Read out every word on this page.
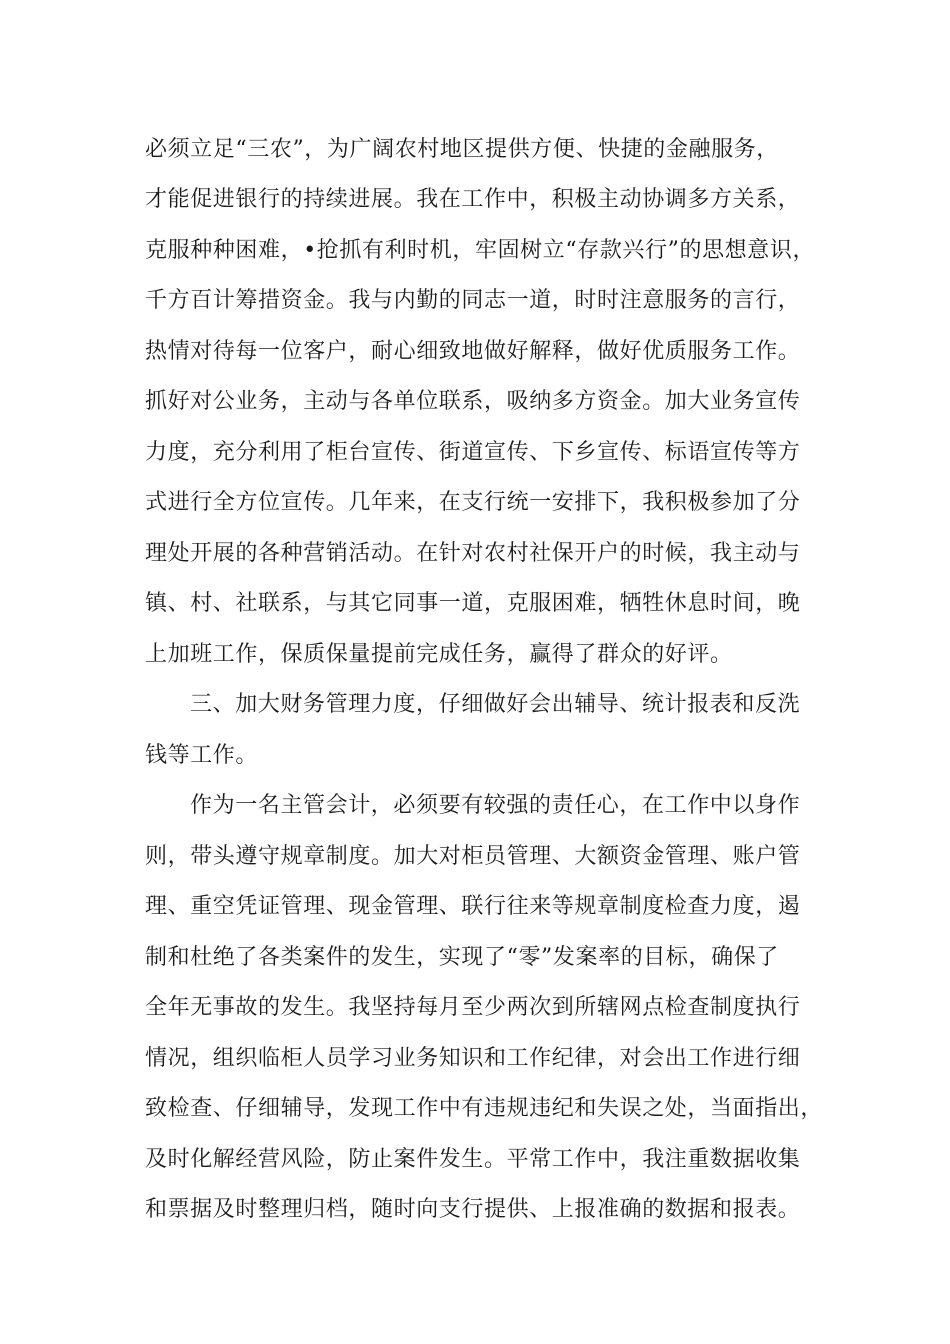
必须立足“三农”，为广阔农村地区提供方便、快捷的金融服务，
才能促进银行的持续进展。我在工作中，积极主动协调多方关系，
克服种种困难，•抢抓有利时机，牢固树立“存款兴行”的思想意识，
千方百计筹措资金。我与内勤的同志一道，时时注意服务的言行，
热情对待每一位客户，耐心细致地做好解释，做好优质服务工作。
抓好对公业务，主动与各单位联系，吸纳多方资金。加大业务宣传
力度，充分利用了柜台宣传、街道宣传、下乡宣传、标语宣传等方
式进行全方位宣传。几年来，在支行统一安排下，我积极参加了分
理处开展的各种营销活动。在针对农村社保开户的时候，我主动与
镇、村、社联系，与其它同事一道，克服困难，牺牲休息时间，晚
上加班工作，保质保量提前完成任务，赢得了群众的好评。
三、加大财务管理力度，仔细做好会出辅导、统计报表和反洗
钱等工作。
作为一名主管会计，必须要有较强的责任心，在工作中以身作
则，带头遵守规章制度。加大对柜员管理、大额资金管理、账户管
理、重空凭证管理、现金管理、联行往来等规章制度检查力度，遏
制和杜绝了各类案件的发生，实现了“零”发案率的目标，确保了
全年无事故的发生。我坚持每月至少两次到所辖网点检查制度执行
情况，组织临柜人员学习业务知识和工作纪律，对会出工作进行细
致检查、仔细辅导，发现工作中有违规违纪和失误之处，当面指出，
及时化解经营风险，防止案件发生。平常工作中，我注重数据收集
和票据及时整理归档，随时向支行提供、上报准确的数据和报表。
